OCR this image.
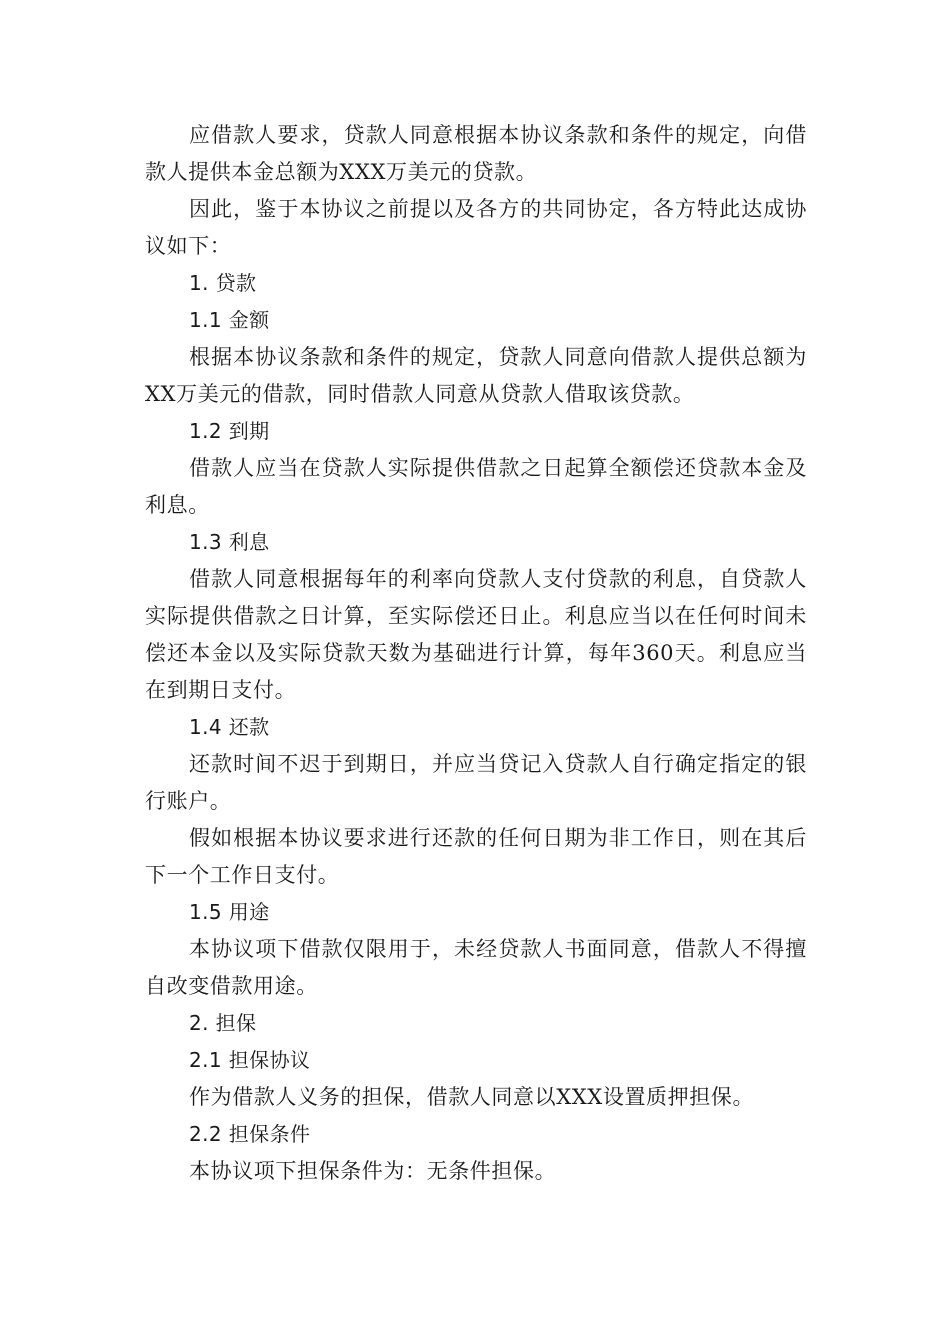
应借款人要求，贷款人同意根据本协议条款和条件的规定，向借款人提供本金总额为XXX万美元的贷款。

因此，鉴于本协议之前提以及各方的共同协定，各方特此达成协议如下：

1. 贷款

1.1 金额

根据本协议条款和条件的规定，贷款人同意向借款人提供总额为XX万美元的借款，同时借款人同意从贷款人借取该贷款。

1.2 到期

借款人应当在贷款人实际提供借款之日起算全额偿还贷款本金及利息。

1.3 利息

借款人同意根据每年的利率向贷款人支付贷款的利息，自贷款人实际提供借款之日计算，至实际偿还日止。利息应当以在任何时间未偿还本金以及实际贷款天数为基础进行计算，每年360天。利息应当在到期日支付。

1.4 还款

还款时间不迟于到期日，并应当贷记入贷款人自行确定指定的银行账户。

假如根据本协议要求进行还款的任何日期为非工作日，则在其后下一个工作日支付。

1.5 用途

本协议项下借款仅限用于，未经贷款人书面同意，借款人不得擅自改变借款用途。

2. 担保

2.1 担保协议

作为借款人义务的担保，借款人同意以XXX设置质押担保。

2.2 担保条件

本协议项下担保条件为：无条件担保。
